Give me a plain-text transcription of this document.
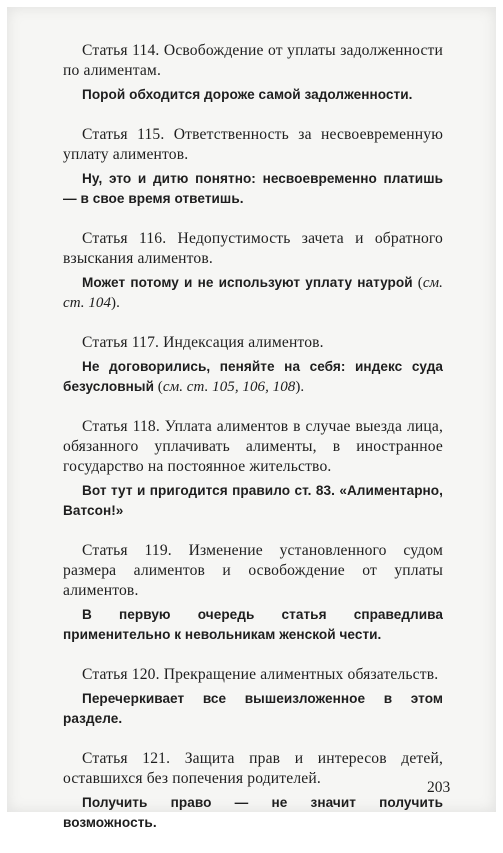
Статья 114. Освобождение от уплаты задолженности по алиментам.

Порой обходится дороже самой задолженности.

Статья 115. Ответственность за несвоевременную уплату алиментов.

Ну, это и дитю понятно: несвоевременно платишь — в свое время ответишь.

Статья 116. Недопустимость зачета и обратного взыскания алиментов.

Может потому и не используют уплату натурой (см. ст. 104).

Статья 117. Индексация алиментов.

Не договорились, пеняйте на себя: индекс суда безусловный (см. ст. 105, 106, 108).

Статья 118. Уплата алиментов в случае выезда лица, обязанного уплачивать алименты, в иностранное государство на постоянное жительство.

Вот тут и пригодится правило ст. 83. «Алиментарно, Ватсон!»

Статья 119. Изменение установленного судом размера алиментов и освобождение от уплаты алиментов.

В первую очередь статья справедлива применительно к невольникам женской чести.

Статья 120. Прекращение алиментных обязательств.

Перечеркивает все вышеизложенное в этом разделе.

Статья 121. Защита прав и интересов детей, оставшихся без попечения родителей.

Получить право — не значит получить возможность.

203
